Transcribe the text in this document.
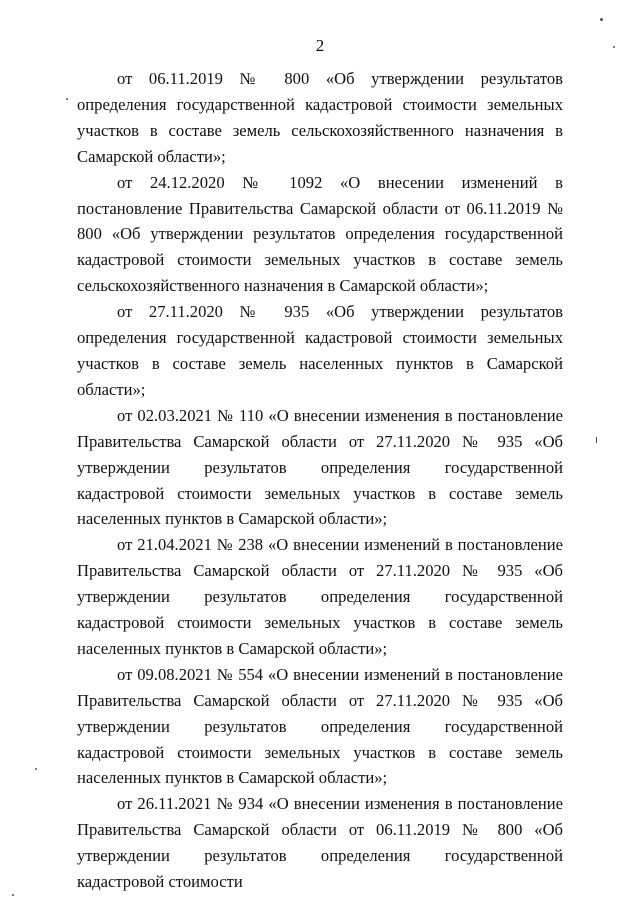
2

от 06.11.2019 № 800 «Об утверждении результатов определения государственной кадастровой стоимости земельных участков в составе земель сельскохозяйственного назначения в Самарской области»;

от 24.12.2020 № 1092 «О внесении изменений в постановление Правительства Самарской области от 06.11.2019 № 800 «Об утверждении результатов определения государственной кадастровой стоимости земельных участков в составе земель сельскохозяйственного назначения в Самарской области»;

от 27.11.2020 № 935 «Об утверждении результатов определения государственной кадастровой стоимости земельных участков в составе земель населенных пунктов в Самарской области»;

от 02.03.2021 № 110 «О внесении изменения в постановление Правительства Самарской области от 27.11.2020 № 935 «Об утверждении результатов определения государственной кадастровой стоимости земельных участков в составе земель населенных пунктов в Самарской области»;

от 21.04.2021 № 238 «О внесении изменений в постановление Правительства Самарской области от 27.11.2020 № 935 «Об утверждении результатов определения государственной кадастровой стоимости земельных участков в составе земель населенных пунктов в Самарской области»;

от 09.08.2021 № 554 «О внесении изменений в постановление Правительства Самарской области от 27.11.2020 № 935 «Об утверждении результатов определения государственной кадастровой стоимости земельных участков в составе земель населенных пунктов в Самарской области»;

от 26.11.2021 № 934 «О внесении изменения в постановление Правительства Самарской области от 06.11.2019 № 800 «Об утверждении результатов определения государственной кадастровой стоимости
